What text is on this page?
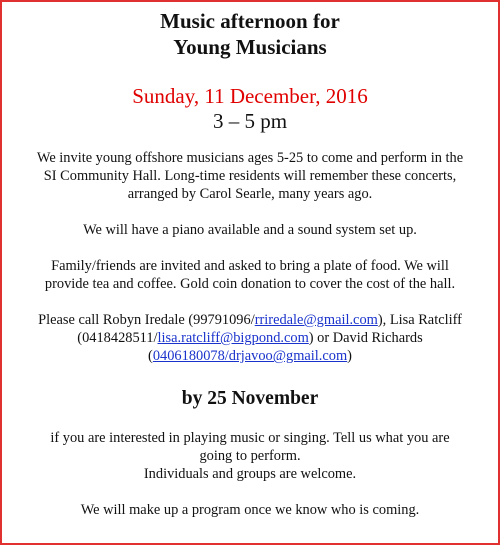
Music afternoon for
Young Musicians
Sunday, 11 December, 2016
3 – 5 pm

We invite young offshore musicians ages 5-25 to come and perform in the
SI Community Hall. Long-time residents will remember these concerts,
arranged by Carol Searle, many years ago.

We will have a piano available and a sound system set up.

Family/friends are invited and asked to bring a plate of food. We will
provide tea and coffee. Gold coin donation to cover the cost of the hall.

Please call Robyn Iredale (99791096/rriredale@gmail.com), Lisa Ratcliff
(0418428511/lisa.ratcliff@bigpond.com) or David Richards
(0406180078/drjavoo@gmail.com)

by 25 November

if you are interested in playing music or singing. Tell us what you are
going to perform.
Individuals and groups are welcome.

We will make up a program once we know who is coming.
